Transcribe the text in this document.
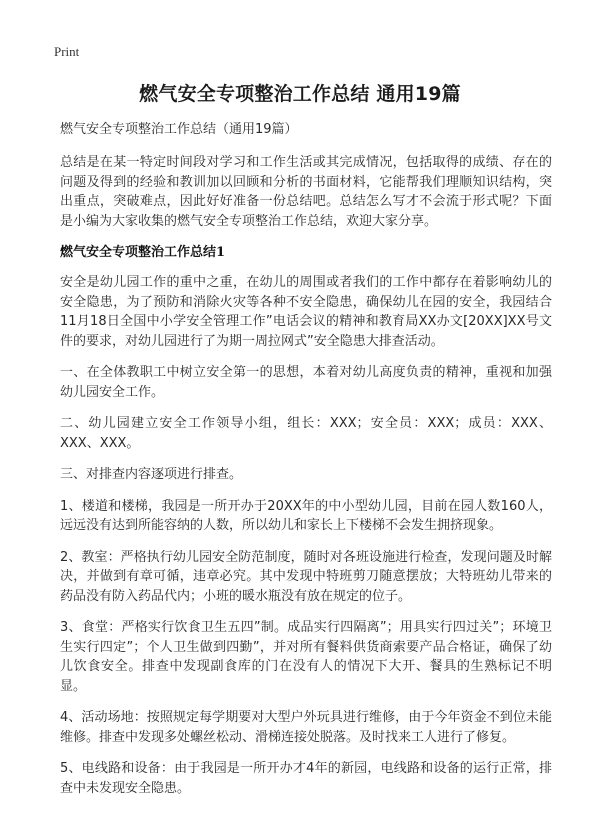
Print
燃气安全专项整治工作总结 通用19篇
燃气安全专项整治工作总结（通用19篇）

总结是在某一特定时间段对学习和工作生活或其完成情况，包括取得的成绩、存在的问题及得到的经验和教训加以回顾和分析的书面材料，它能帮我们理顺知识结构，突出重点，突破难点，因此好好准备一份总结吧。总结怎么写才不会流于形式呢？下面是小编为大家收集的燃气安全专项整治工作总结，欢迎大家分享。

燃气安全专项整治工作总结1

安全是幼儿园工作的重中之重，在幼儿的周围或者我们的工作中都存在着影响幼儿的安全隐患，为了预防和消除火灾等各种不安全隐患，确保幼儿在园的安全，我园结合11月18日全国中小学安全管理工作”电话会议的精神和教育局XX办文[20XX]XX号文件的要求，对幼儿园进行了为期一周拉网式”安全隐患大排查活动。

一、在全体教职工中树立安全第一的思想，本着对幼儿高度负责的精神，重视和加强幼儿园安全工作。

二、幼儿园建立安全工作领导小组，组长：XXX；安全员：XXX；成员：XXX、XXX、XXX。

三、对排查内容逐项进行排查。

1、楼道和楼梯，我园是一所开办于20XX年的中小型幼儿园，目前在园人数160人，远远没有达到所能容纳的人数，所以幼儿和家长上下楼梯不会发生拥挤现象。

2、教室：严格执行幼儿园安全防范制度，随时对各班设施进行检查，发现问题及时解决，并做到有章可循，违章必究。其中发现中特班剪刀随意摆放；大特班幼儿带来的药品没有防入药品代内；小班的暖水瓶没有放在规定的位子。

3、食堂：严格实行饮食卫生五四”制。成品实行四隔离”；用具实行四过关”；环境卫生实行四定”；个人卫生做到四勤”，并对所有餐料供货商索要产品合格证，确保了幼儿饮食安全。排查中发现副食库的门在没有人的情况下大开、餐具的生熟标记不明显。

4、活动场地：按照规定每学期要对大型户外玩具进行维修，由于今年资金不到位未能维修。排查中发现多处螺丝松动、滑梯连接处脱落。及时找来工人进行了修复。

5、电线路和设备：由于我园是一所开办才4年的新园，电线路和设备的运行正常，排查中未发现安全隐患。
